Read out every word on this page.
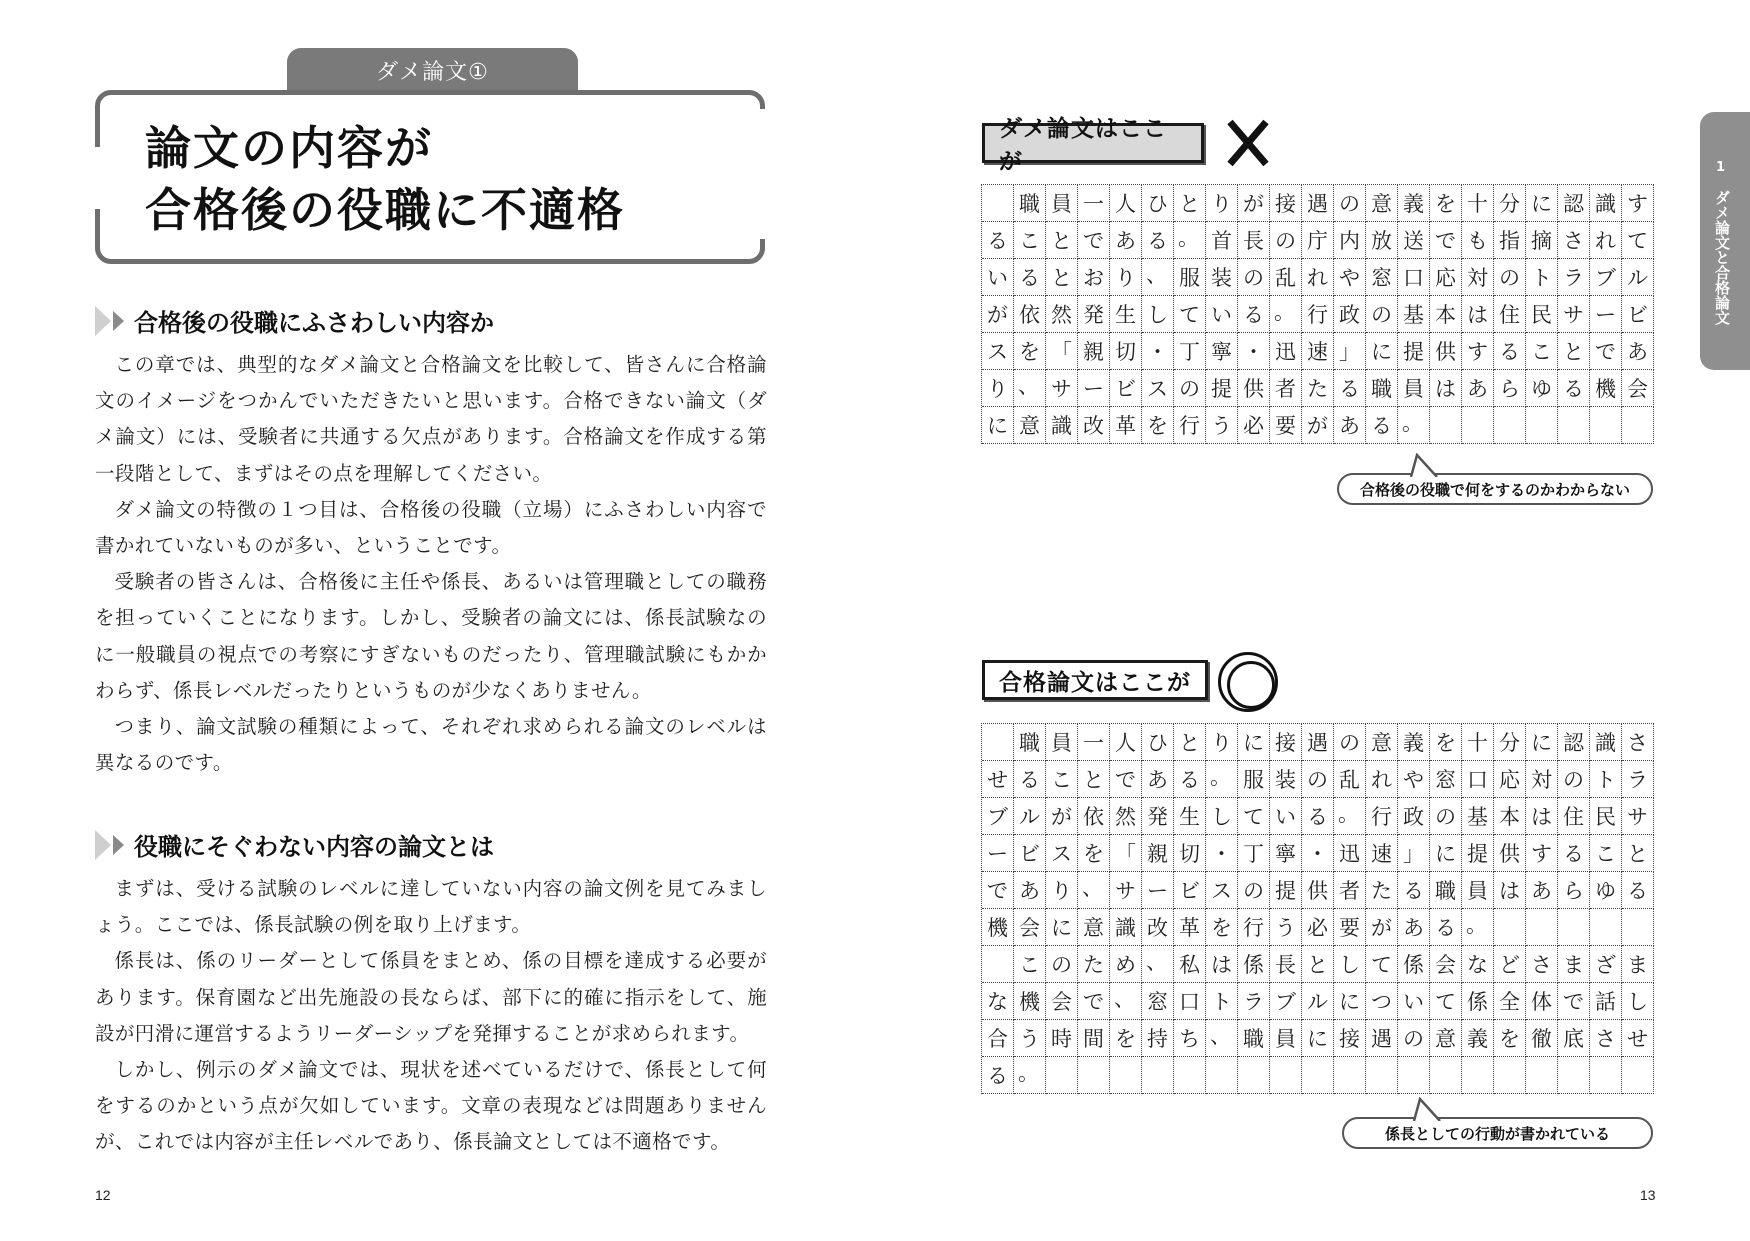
ダメ論文①
論文の内容が
合格後の役職に不適格
合格後の役職にふさわしい内容か

この章では、典型的なダメ論文と合格論文を比較して、皆さんに合格論文のイメージをつかんでいただきたいと思います。合格できない論文（ダメ論文）には、受験者に共通する欠点があります。合格論文を作成する第一段階として、まずはその点を理解してください。

ダメ論文の特徴の１つ目は、合格後の役職（立場）にふさわしい内容で書かれていないものが多い、ということです。

受験者の皆さんは、合格後に主任や係長、あるいは管理職としての職務を担っていくことになります。しかし、受験者の論文には、係長試験なのに一般職員の視点での考察にすぎないものだったり、管理職試験にもかかわらず、係長レベルだったりというものが少なくありません。

つまり、論文試験の種類によって、それぞれ求められる論文のレベルは異なるのです。

役職にそぐわない内容の論文とは

まずは、受ける試験のレベルに達していない内容の論文例を見てみましょう。ここでは、係長試験の例を取り上げます。

係長は、係のリーダーとして係員をまとめ、係の目標を達成する必要があります。保育園など出先施設の長ならば、部下に的確に指示をして、施設が円滑に運営するようリーダーシップを発揮することが求められます。

しかし、例示のダメ論文では、現状を述べているだけで、係長として何をするのかという点が欠如しています。文章の表現などは問題ありませんが、これでは内容が主任レベルであり、係長論文としては不適格です。

12
ダメ論文はここが
職 員 一 人 ひ と り が 接 遇 の 意 義 を 十 分 に 認 識 す
る こ と で あ る 。 首 長 の 庁 内 放 送 で も 指 摘 さ れ て
い る と お り 、 服 装 の 乱 れ や 窓 口 応 対 の ト ラ ブ ル
が 依 然 発 生 し て い る 。 行 政 の 基 本 は 住 民 サ ー ビ
ス を 「 親 切 ・ 丁 寧 ・ 迅 速 」 に 提 供 す る こ と で あ
り 、 サ ー ビ ス の 提 供 者 た る 職 員 は あ ら ゆ る 機 会
に 意 識 改 革 を 行 う 必 要 が あ る 。
合格後の役職で何をするのかわからない
合格論文はここが
職 員 一 人 ひ と り に 接 遇 の 意 義 を 十 分 に 認 識 さ
せ る こ と で あ る 。 服 装 の 乱 れ や 窓 口 応 対 の ト ラ
ブ ル が 依 然 発 生 し て い る 。 行 政 の 基 本 は 住 民 サ
ー ビ ス を 「 親 切 ・ 丁 寧 ・ 迅 速 」 に 提 供 す る こ と
で あ り 、 サ ー ビ ス の 提 供 者 た る 職 員 は あ ら ゆ る
機 会 に 意 識 改 革 を 行 う 必 要 が あ る 。
こ の た め 、 私 は 係 長 と し て 係 会 な ど さ ま ざ ま
な 機 会 で 、 窓 口 ト ラ ブ ル に つ い て 係 全 体 で 話 し
合 う 時 間 を 持 ち 、 職 員 に 接 遇 の 意 義 を 徹 底 さ せ
る 。
係長としての行動が書かれている
1
ダメ論文と合格論文
13
